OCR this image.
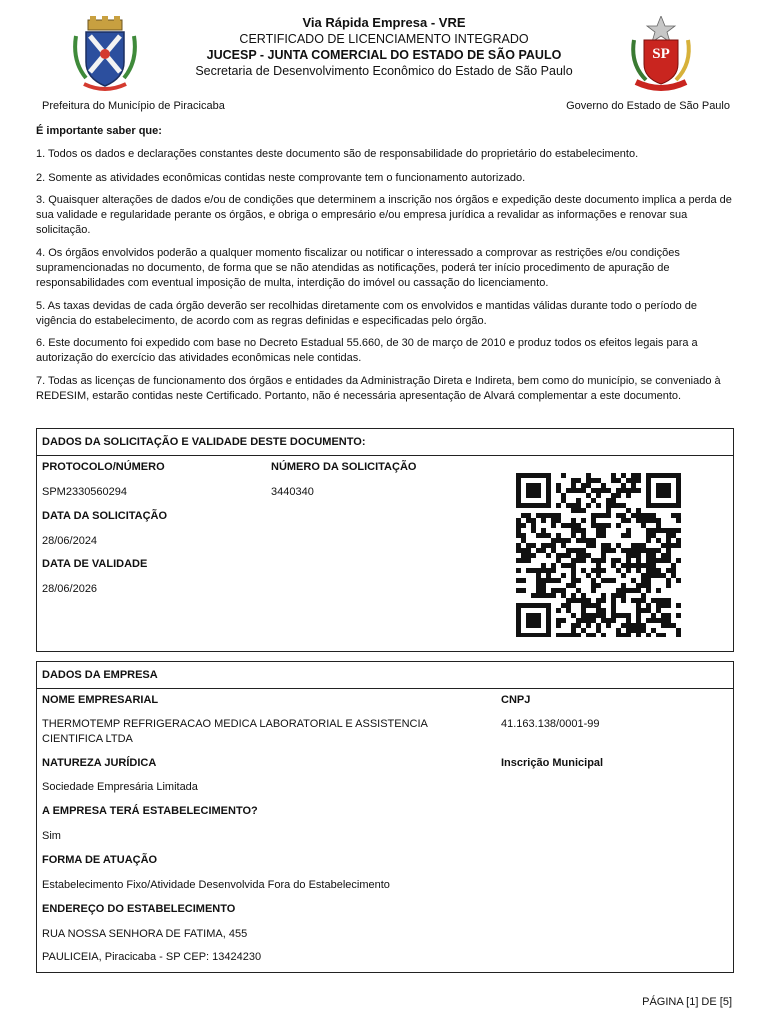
SP
Via Rápida Empresa - VRE
CERTIFICADO DE LICENCIAMENTO INTEGRADO
JUCESP - JUNTA COMERCIAL DO ESTADO DE SÃO PAULO
Secretaria de Desenvolvimento Econômico do Estado de São Paulo
Prefeitura do Município de Piracicaba	Governo do Estado de São Paulo
É importante saber que:
1. Todos os dados e declarações constantes deste documento são de responsabilidade do proprietário do estabelecimento.
2. Somente as atividades econômicas contidas neste comprovante tem o funcionamento autorizado.
3. Quaisquer alterações de dados e/ou de condições que determinem a inscrição nos órgãos e expedição deste documento implica a perda de sua validade e regularidade perante os órgãos, e obriga o empresário e/ou empresa jurídica a revalidar as informações e renovar sua solicitação.
4. Os órgãos envolvidos poderão a qualquer momento fiscalizar ou notificar o interessado a comprovar as restrições e/ou condições supramencionadas no documento, de forma que se não atendidas as notificações, poderá ter início procedimento de apuração de responsabilidades com eventual imposição de multa, interdição do imóvel ou cassação do licenciamento.
5. As taxas devidas de cada órgão deverão ser recolhidas diretamente com os envolvidos e mantidas válidas durante todo o período de vigência do estabelecimento, de acordo com as regras definidas e especificadas pelo órgão.
6. Este documento foi expedido com base no Decreto Estadual 55.660, de 30 de março de 2010 e produz todos os efeitos legais para a autorização do exercício das atividades econômicas nele contidas.
7. Todas as licenças de funcionamento dos órgãos e entidades da Administração Direta e Indireta, bem como do município, se conveniado à REDESIM, estarão contidas neste Certificado. Portanto, não é necessária apresentação de Alvará complementar a este documento.
DADOS DA SOLICITAÇÃO E VALIDADE DESTE DOCUMENTO:
PROTOCOLO/NÚMERO
SPM2330560294
NÚMERO DA SOLICITAÇÃO
3440340
DATA DA SOLICITAÇÃO
28/06/2024
DATA DE VALIDADE
28/06/2026
DADOS DA EMPRESA
NOME EMPRESARIAL
THERMOTEMP REFRIGERACAO MEDICA LABORATORIAL E ASSISTENCIA CIENTIFICA LTDA
CNPJ
41.163.138/0001-99
NATUREZA JURÍDICA
Sociedade Empresária Limitada
Inscrição Municipal
A EMPRESA TERÁ ESTABELECIMENTO?
Sim
FORMA DE ATUAÇÃO
Estabelecimento Fixo/Atividade Desenvolvida Fora do Estabelecimento
ENDEREÇO DO ESTABELECIMENTO
RUA NOSSA SENHORA DE FATIMA, 455
PAULICEIA, Piracicaba - SP CEP: 13424230
PÁGINA [1] DE [5]
